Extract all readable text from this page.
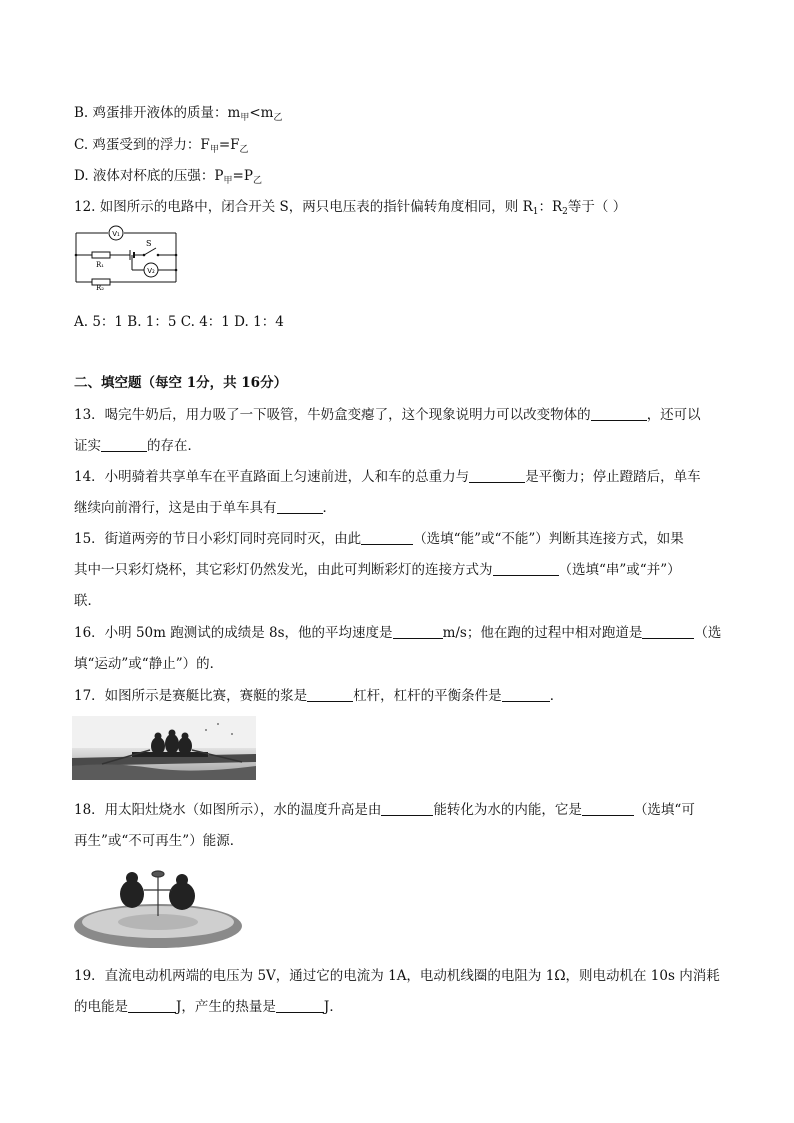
B. 鸡蛋排开液体的质量：$m_甲<m_乙$
C. 鸡蛋受到的浮力：$F_甲=F_乙$
D. 液体对杯底的压强：$P_甲=P_乙$
12. 如图所示的电路中，闭合开关 S，两只电压表的指针偏转角度相同，则 $R_1$：$R_2$等于（ ）
V₁
R₁
S
V₂
R₂
A. 5：1 B. 1：5 C. 4：1 D. 1：4
二、填空题（每空 1分，共 16分）
13．喝完牛奶后，用力吸了一下吸管，牛奶盒变瘪了，这个现象说明力可以改变物体的	，还可以
证实	的存在．
14．小明骑着共享单车在平直路面上匀速前进，人和车的总重力与	是平衡力；停止蹬踏后，单车
继续向前滑行，这是由于单车具有	．
15．街道两旁的节日小彩灯同时亮同时灭，由此	（选填“能”或“不能”）判断其连接方式，如果
其中一只彩灯烧杯，其它彩灯仍然发光，由此可判断彩灯的连接方式为	（选填“串”或“并”）
联．
16．小明 50m 跑测试的成绩是 8s，他的平均速度是	m/s；他在跑的过程中相对跑道是	（选
填“运动”或“静止”）的．
17．如图所示是赛艇比赛，赛艇的浆是	杠杆，杠杆的平衡条件是	．
18．用太阳灶烧水（如图所示），水的温度升高是由	能转化为水的内能，它是	（选填“可
再生”或“不可再生”）能源．
19．直流电动机两端的电压为 5V，通过它的电流为 1A，电动机线圈的电阻为 1Ω，则电动机在 10s 内消耗
的电能是	J，产生的热量是	J．
